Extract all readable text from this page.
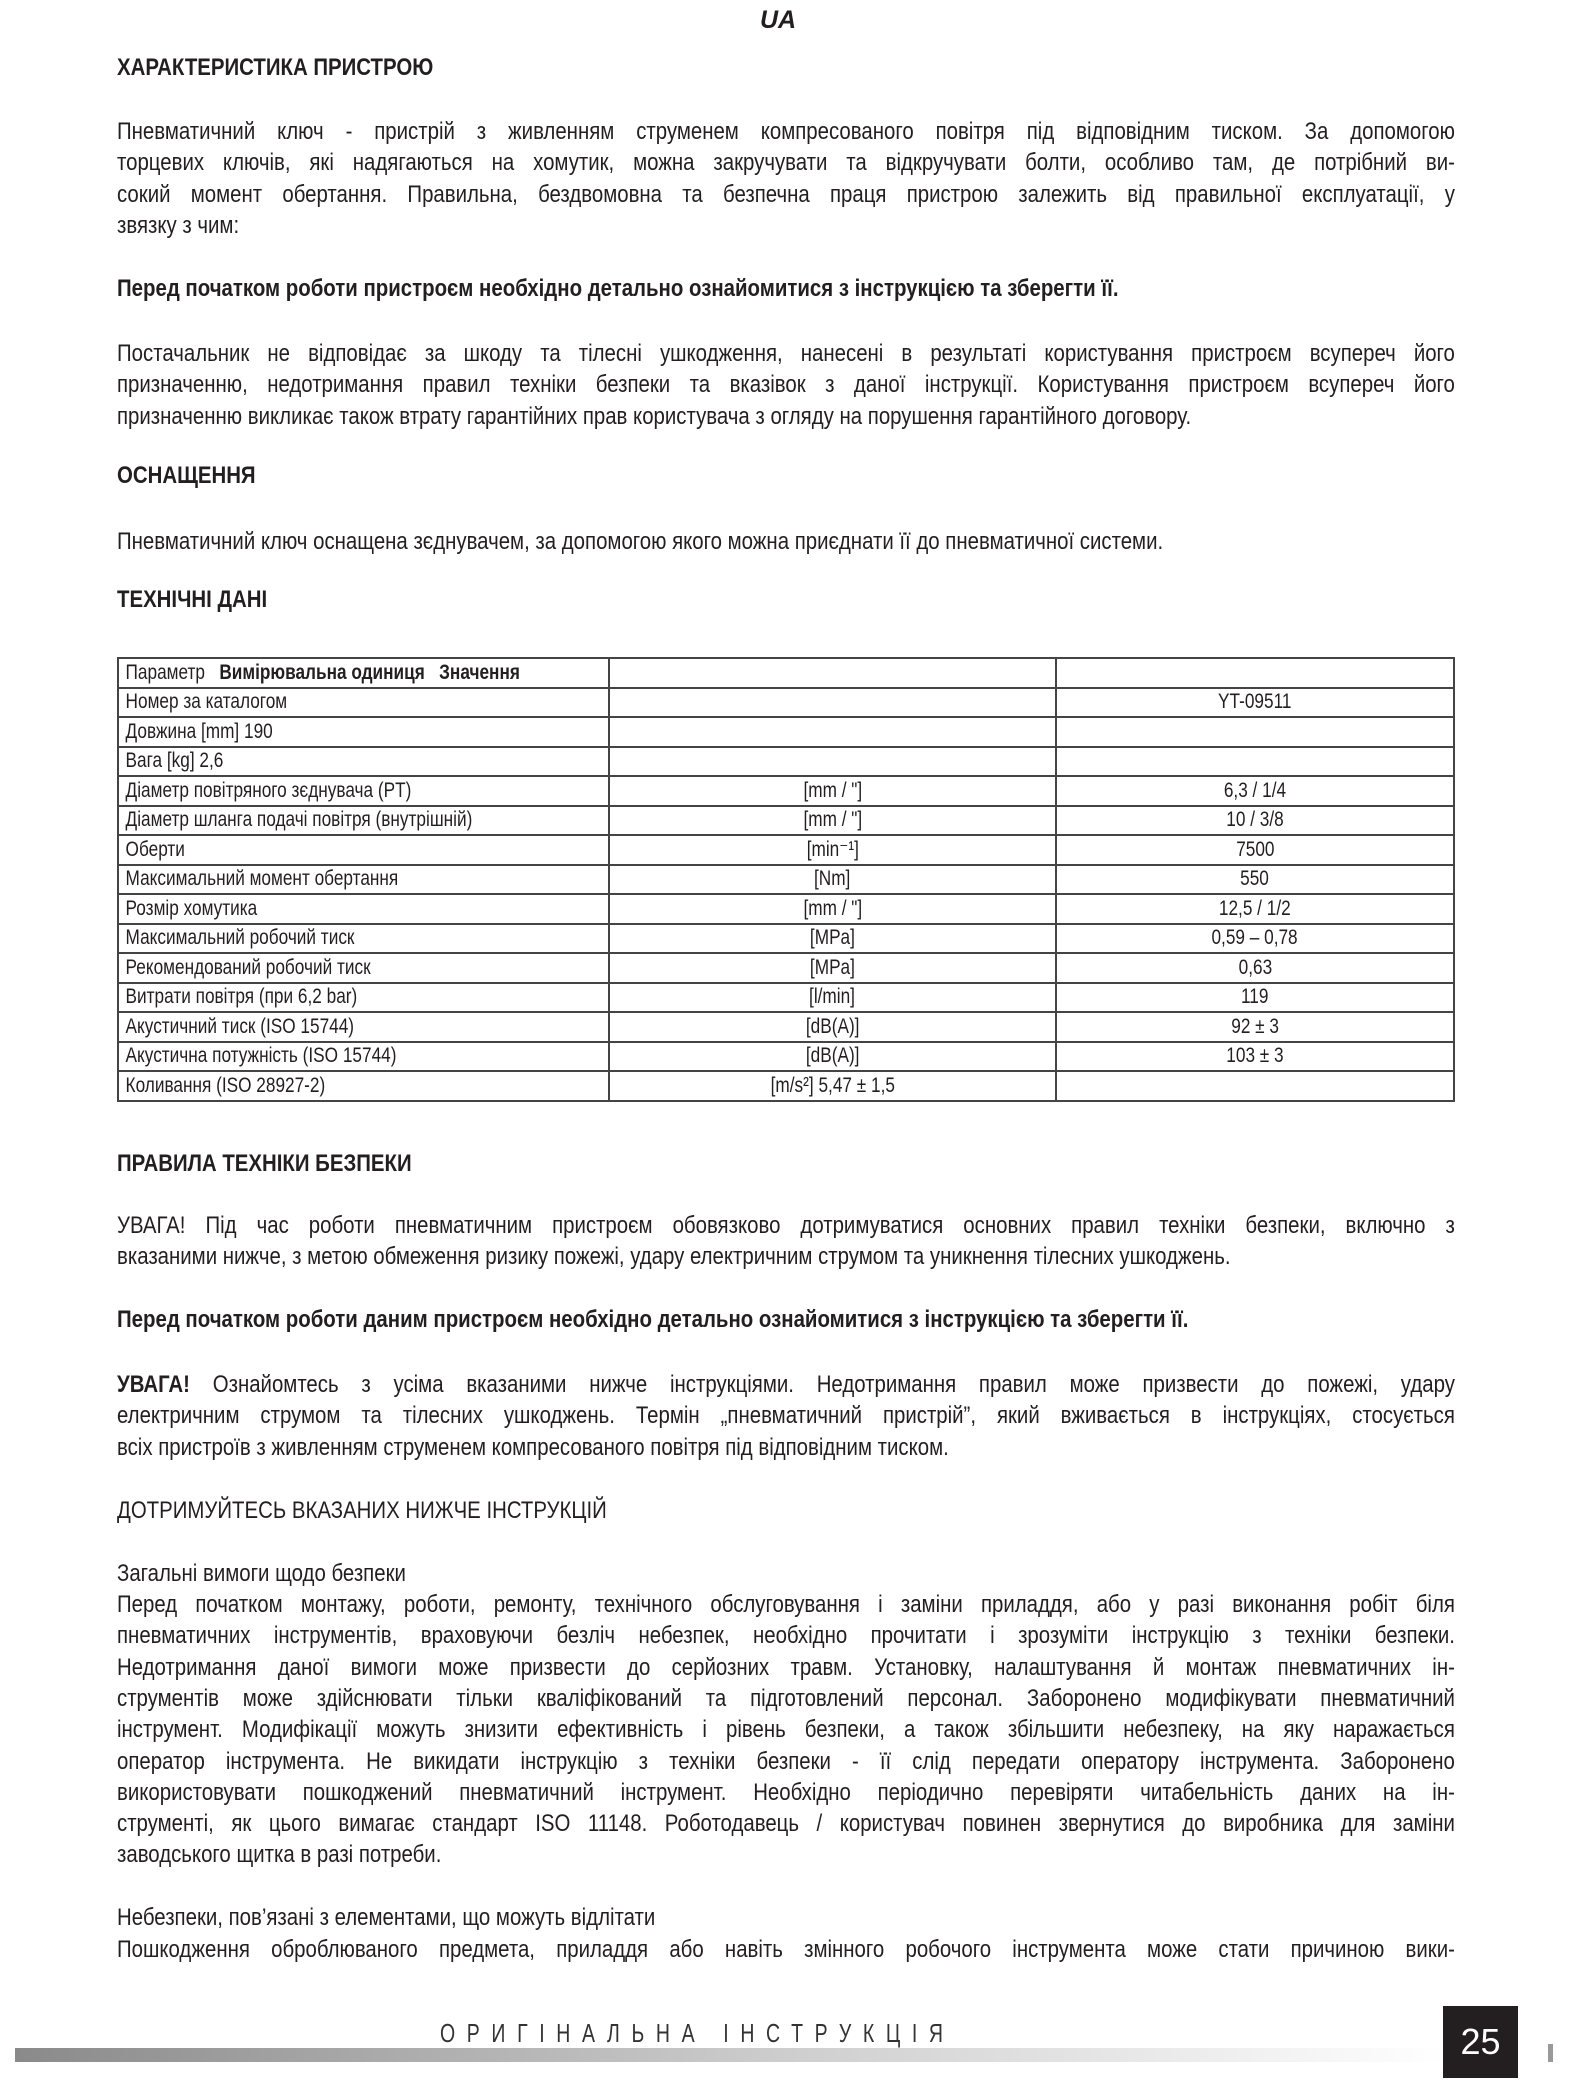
UA
ХАРАКТЕРИСТИКА ПРИСТРОЮ
Пневматичний ключ - пристрій з живленням струменем компресованого повітря під відповідним тиском. За допомогою
торцевих ключів, які надягаються на хомутик, можна закручувати та відкручувати болти, особливо там, де потрібний ви-
сокий момент обертання. Правильна, бездвомовна та безпечна праця пристрою залежить від правильної експлуатації, у
звязку з чим:
Перед початком роботи пристроєм необхідно детально ознайомитися з інструкцією та зберегти її.
Постачальник не відповідає за шкоду та тілесні ушкодження, нанесені в результаті користування пристроєм всупереч його
призначенню, недотримання правил техніки безпеки та вказівок з даної інструкції. Користування пристроєм всупереч його
призначенню викликає також втрату гарантійних прав користувача з огляду на порушення гарантійного договору.
ОСНАЩЕННЯ
Пневматичний ключ оснащена зєднувачем, за допомогою якого можна приєднати її до пневматичної системи.
ТЕХНІЧНІ ДАНІ
ПРАВИЛА ТЕХНІКИ БЕЗПЕКИ
УВАГА! Під час роботи пневматичним пристроєм обовязково дотримуватися основних правил техніки безпеки, включно з
вказаними нижче, з метою обмеження ризику пожежі, удару електричним струмом та уникнення тілесних ушкоджень.
Перед початком роботи даним пристроєм необхідно детально ознайомитися з інструкцією та зберегти її.
УВАГА! Ознайомтесь з усіма вказаними нижче інструкціями. Недотримання правил може призвести до пожежі, удару
електричним струмом та тілесних ушкоджень. Термін „пневматичний пристрій”, який вживається в інструкціях, стосується
всіх пристроїв з живленням струменем компресованого повітря під відповідним тиском.
ДОТРИМУЙТЕСЬ ВКАЗАНИХ НИЖЧЕ ІНСТРУКЦІЙ
Загальні вимоги щодо безпеки
Перед початком монтажу, роботи, ремонту, технічного обслуговування і заміни приладдя, або у разі виконання робіт біля
пневматичних інструментів, враховуючи безліч небезпек, необхідно прочитати і зрозуміти інструкцію з техніки безпеки.
Недотримання даної вимоги може призвести до серйозних травм. Установку, налаштування й монтаж пневматичних ін-
струментів може здійснювати тільки кваліфікований та підготовлений персонал. Заборонено модифікувати пневматичний
інструмент. Модифікації можуть знизити ефективність і рівень безпеки, а також збільшити небезпеку, на яку наражається
оператор інструмента. Не викидати інструкцію з техніки безпеки - її слід передати оператору інструмента. Заборонено
використовувати пошкоджений пневматичний інструмент. Необхідно періодично перевіряти читабельність даних на ін-
струменті, як цього вимагає стандарт ISO 11148. Роботодавець / користувач повинен звернутися до виробника для заміни
заводського щитка в разі потреби.
Небезпеки, пов’язані з елементами, що можуть відлітати
Пошкодження оброблюваного предмета, приладдя або навіть змінного робочого інструмента може стати причиною вики-
Параметр Вимірювальна одиниця Значення		
Номер за каталогом		YT-09511
Довжина [mm] 190		
Вага [kg] 2,6		
Діаметр повітряного зєднувача (PT)	[mm / "]	6,3 / 1/4
Діаметр шланга подачі повітря (внутрішній)	[mm / "]	10 / 3/8
Оберти	[min⁻¹]	7500
Максимальний момент обертання	[Nm]	550
Розмір хомутика	[mm / "]	12,5 / 1/2
Максимальний робочий тиск	[MPa]	0,59 – 0,78
Рекомендований робочий тиск	[MPa]	0,63
Витрати повітря (при 6,2 bar)	[l/min]	119
Акустичний тиск (ISO 15744)	[dB(A)]	92 ± 3
Акустична потужність (ISO 15744)	[dB(A)]	103 ± 3
Коливання (ISO 28927-2)	[m/s²] 5,47 ± 1,5	
ОРИГІНАЛЬНА ІНСТРУКЦІЯ	25
